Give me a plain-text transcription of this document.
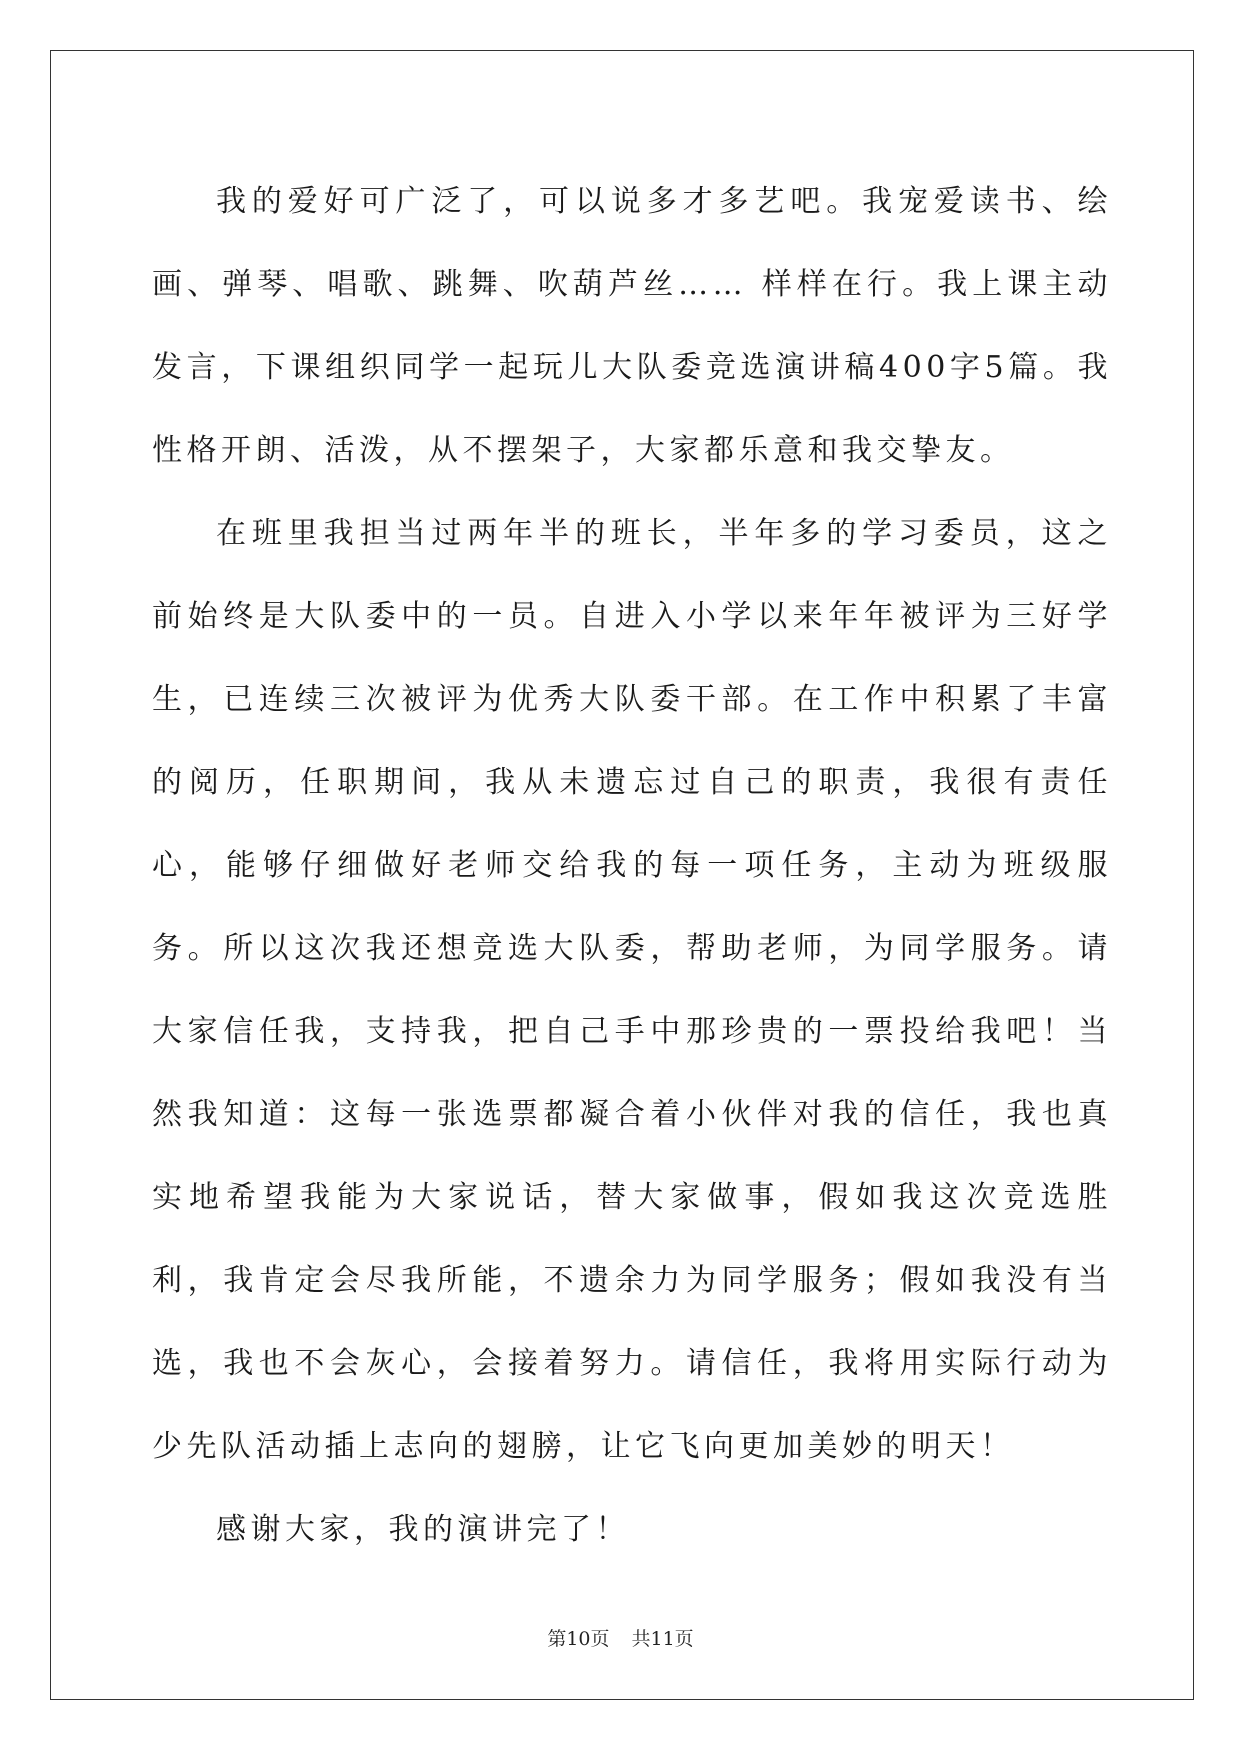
我的爱好可广泛了，可以说多才多艺吧。我宠爱读书、绘画、弹琴、唱歌、跳舞、吹葫芦丝…… 样样在行。我上课主动发言，下课组织同学一起玩儿大队委竞选演讲稿400字5篇。我性格开朗、活泼，从不摆架子，大家都乐意和我交挚友。

在班里我担当过两年半的班长，半年多的学习委员，这之前始终是大队委中的一员。自进入小学以来年年被评为三好学生，已连续三次被评为优秀大队委干部。在工作中积累了丰富的阅历，任职期间，我从未遗忘过自己的职责，我很有责任心，能够仔细做好老师交给我的每一项任务，主动为班级服务。所以这次我还想竞选大队委，帮助老师，为同学服务。请大家信任我，支持我，把自己手中那珍贵的一票投给我吧！当然我知道：这每一张选票都凝合着小伙伴对我的信任，我也真实地希望我能为大家说话，替大家做事，假如我这次竞选胜利，我肯定会尽我所能，不遗余力为同学服务；假如我没有当选，我也不会灰心，会接着努力。请信任，我将用实际行动为少先队活动插上志向的翅膀，让它飞向更加美妙的明天！

感谢大家，我的演讲完了！

第10页 共11页
